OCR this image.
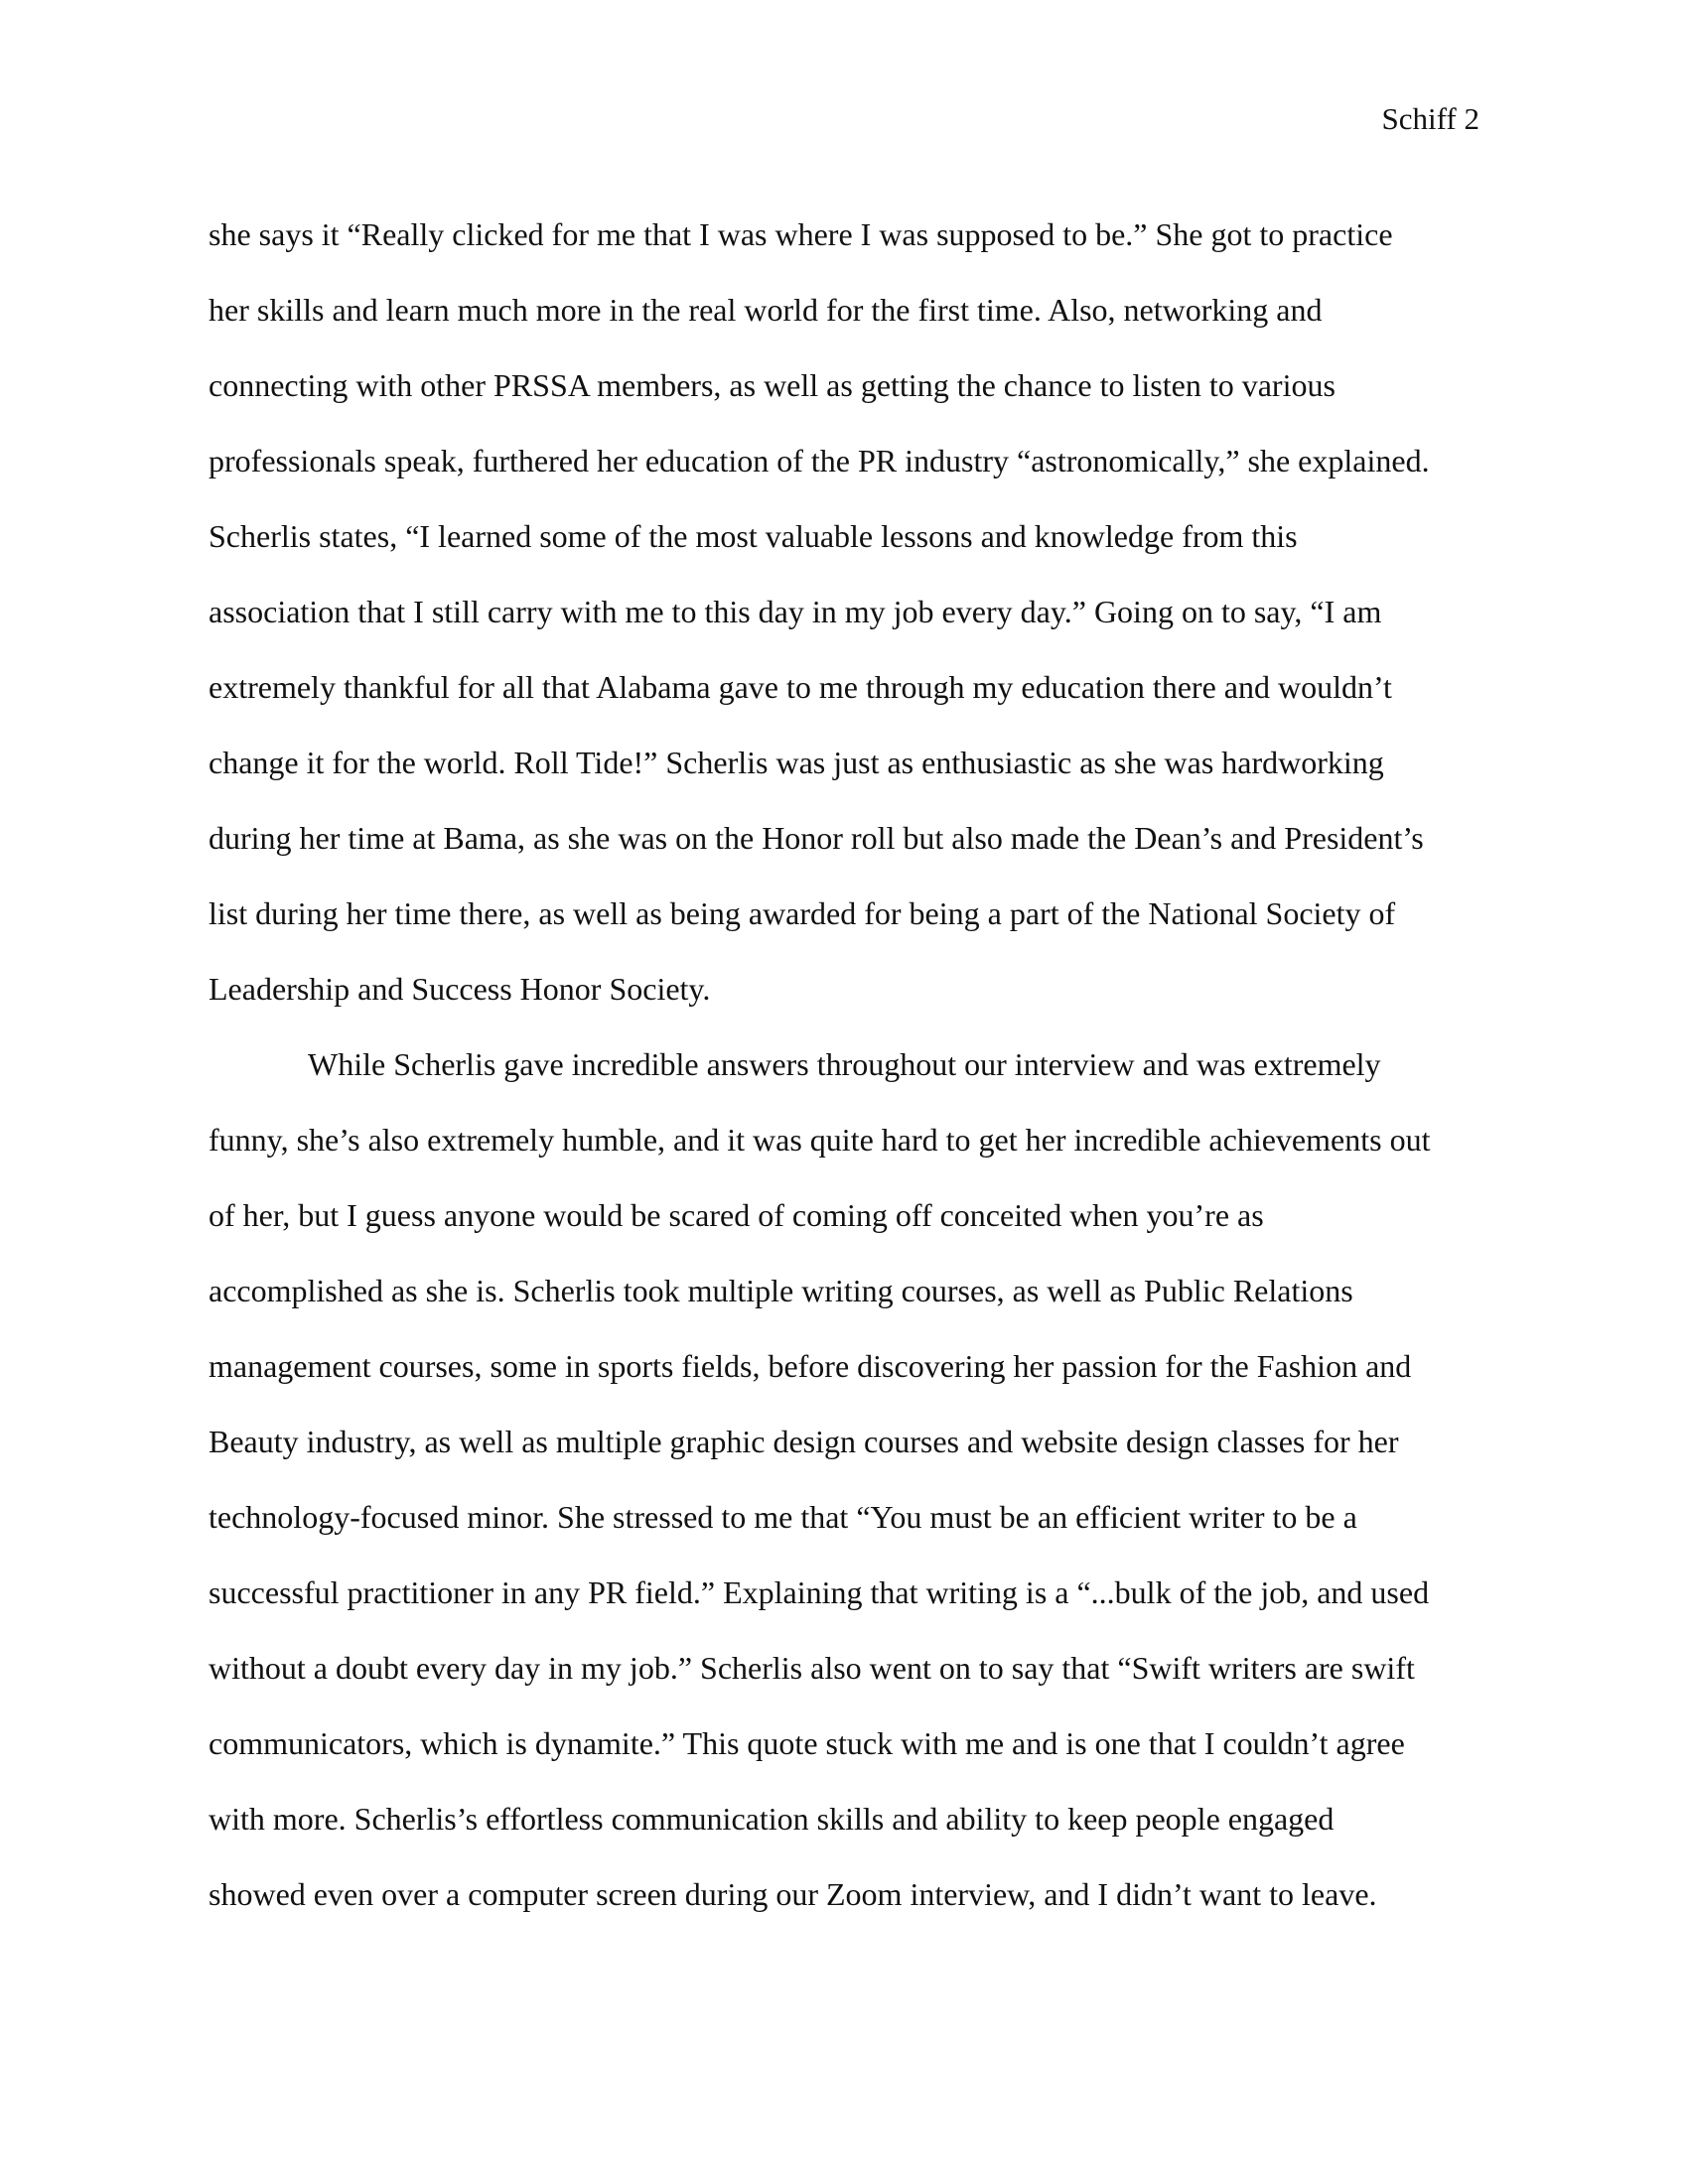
Schiff 2
she says it “Really clicked for me that I was where I was supposed to be.” She got to practice
her skills and learn much more in the real world for the first time. Also, networking and
connecting with other PRSSA members, as well as getting the chance to listen to various
professionals speak, furthered her education of the PR industry “astronomically,” she explained.
Scherlis states, “I learned some of the most valuable lessons and knowledge from this
association that I still carry with me to this day in my job every day.” Going on to say, “I am
extremely thankful for all that Alabama gave to me through my education there and wouldn’t
change it for the world. Roll Tide!” Scherlis was just as enthusiastic as she was hardworking
during her time at Bama, as she was on the Honor roll but also made the Dean’s and President’s
list during her time there, as well as being awarded for being a part of the National Society of
Leadership and Success Honor Society.
While Scherlis gave incredible answers throughout our interview and was extremely
funny, she’s also extremely humble, and it was quite hard to get her incredible achievements out
of her, but I guess anyone would be scared of coming off conceited when you’re as
accomplished as she is. Scherlis took multiple writing courses, as well as Public Relations
management courses, some in sports fields, before discovering her passion for the Fashion and
Beauty industry, as well as multiple graphic design courses and website design classes for her
technology-focused minor. She stressed to me that “You must be an efficient writer to be a
successful practitioner in any PR field.” Explaining that writing is a “...bulk of the job, and used
without a doubt every day in my job.” Scherlis also went on to say that “Swift writers are swift
communicators, which is dynamite.” This quote stuck with me and is one that I couldn’t agree
with more. Scherlis’s effortless communication skills and ability to keep people engaged
showed even over a computer screen during our Zoom interview, and I didn’t want to leave.
